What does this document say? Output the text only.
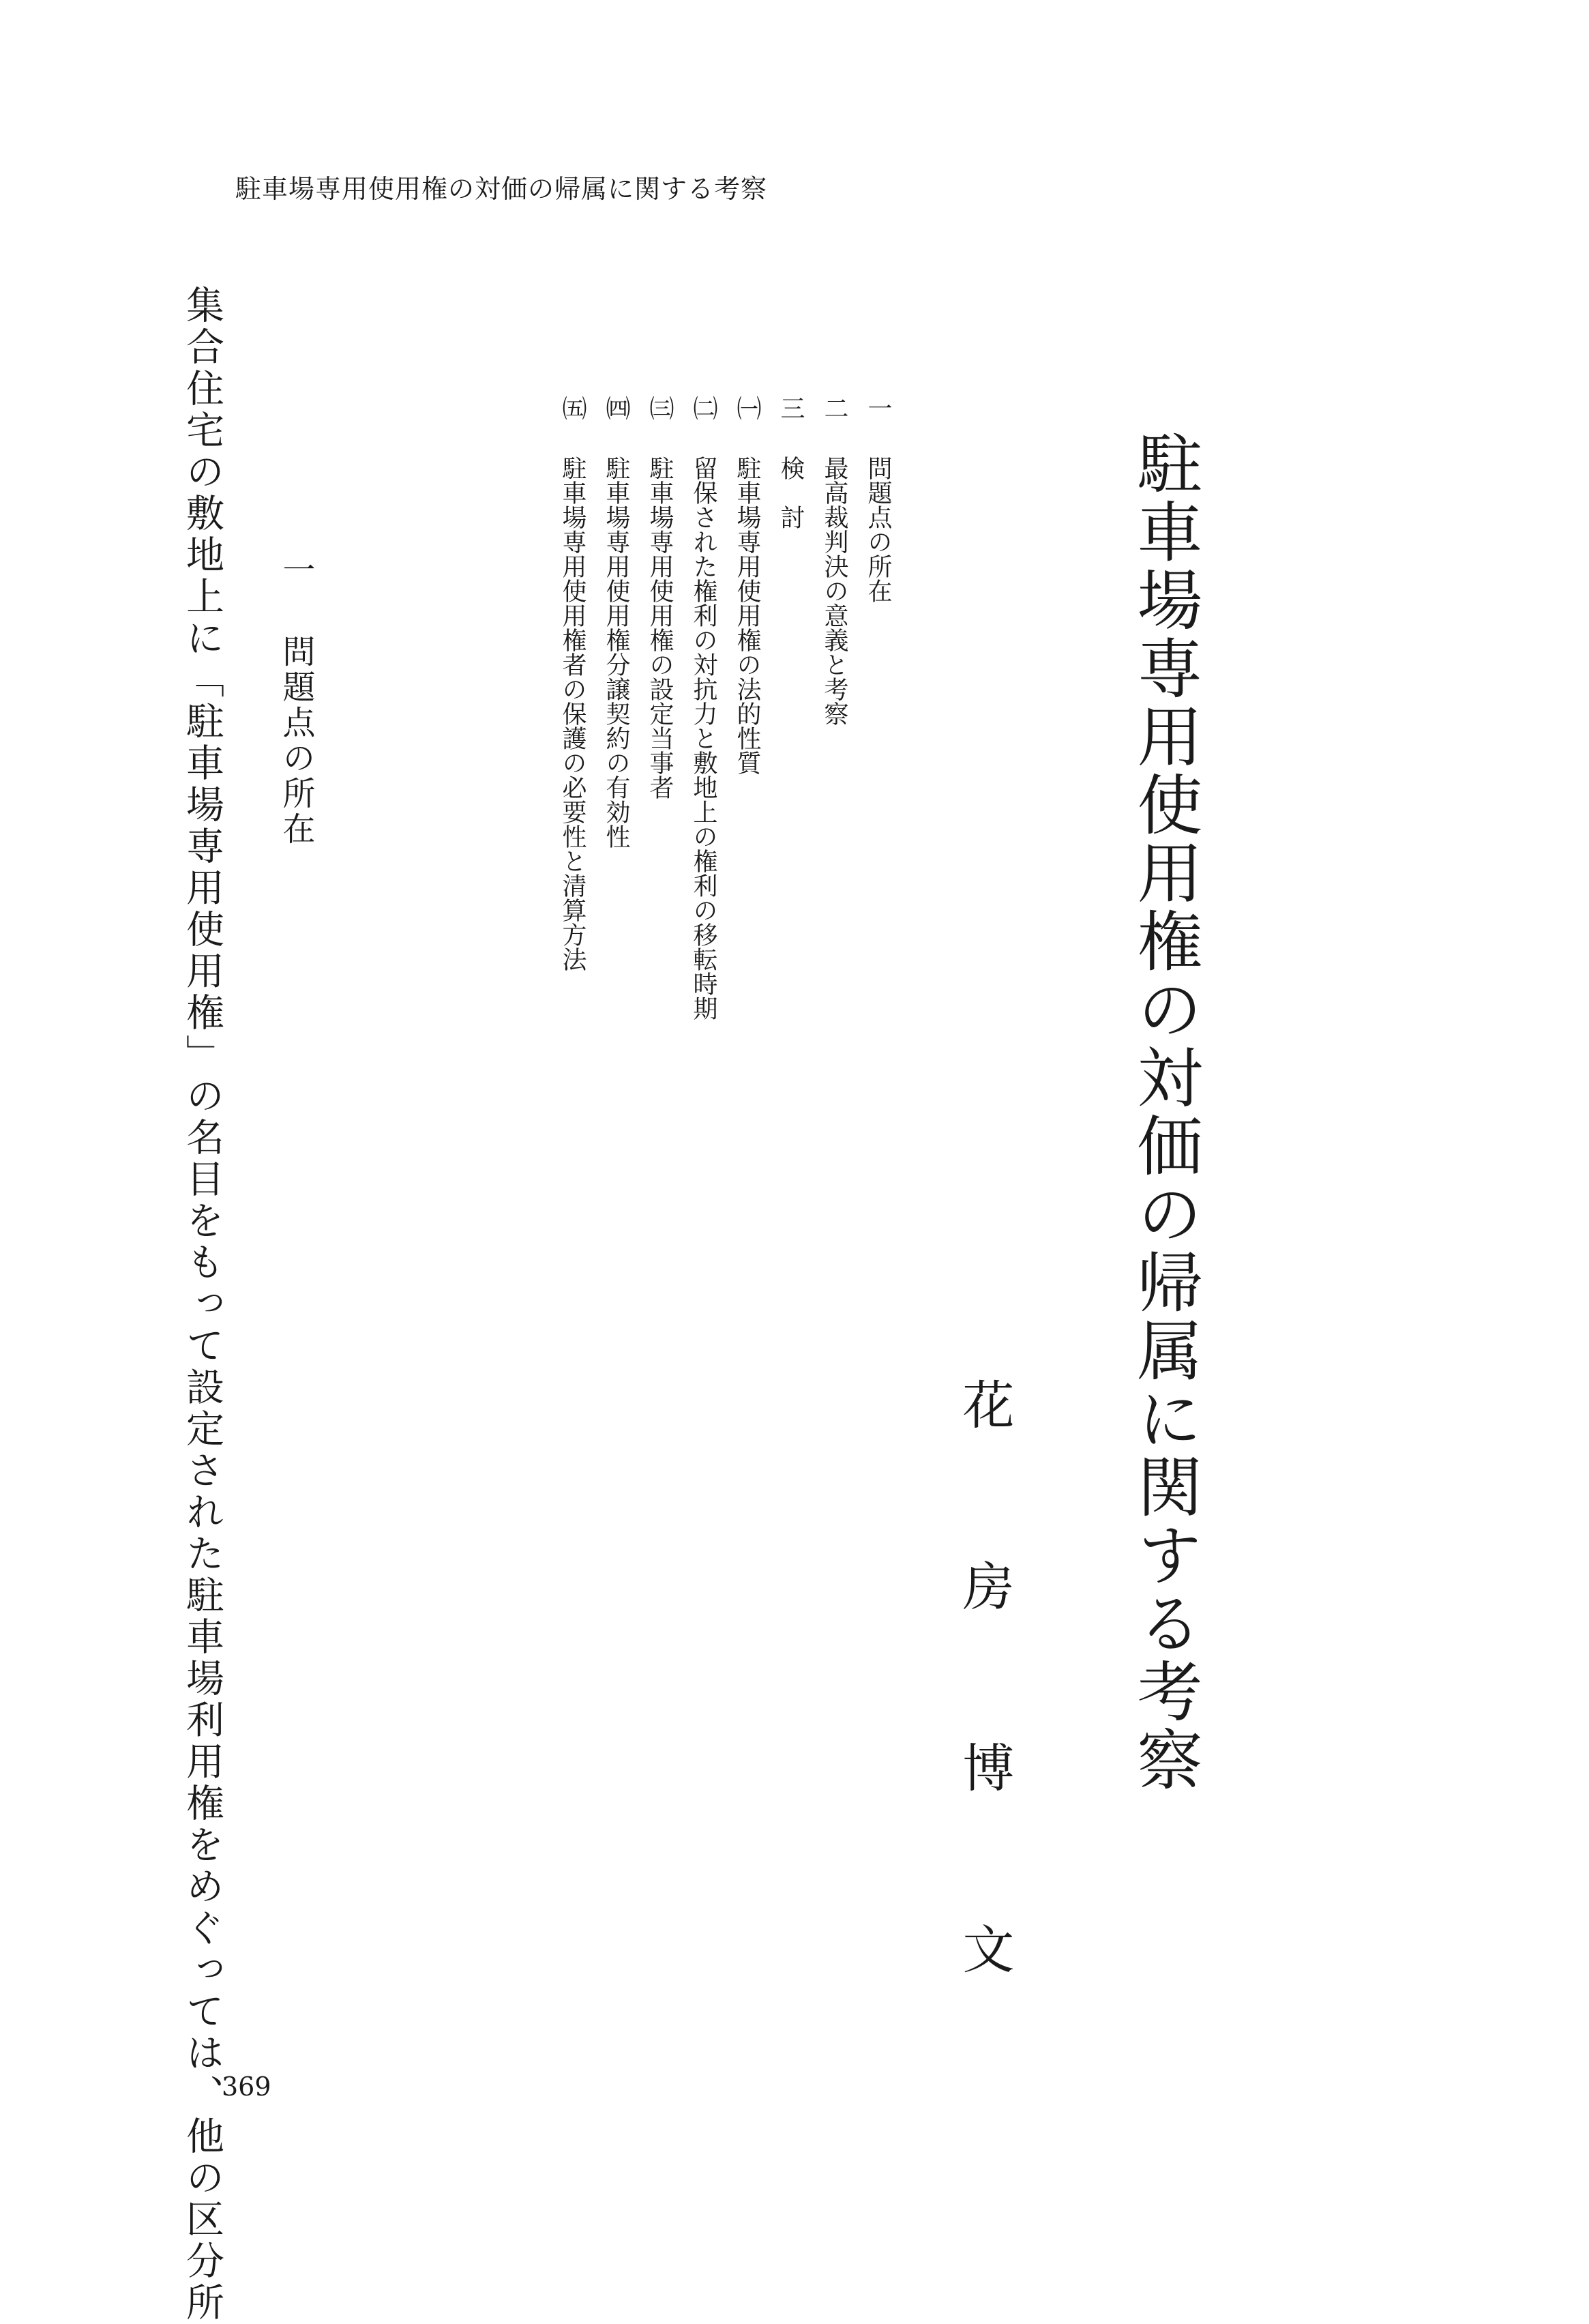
駐車場専用使用権の対価の帰属に関する考察
駐車場専用使用権の対価の帰属に関する考察
花房博文
一
問題点の所在
二
最高裁判決の意義と考察
三
検　討
㈠
駐車場専用使用権の法的性質
㈡
留保された権利の対抗力と敷地上の権利の移転時期
㈢
駐車場専用使用権の設定当事者
㈣
駐車場専用使用権分譲契約の有効性
㈤
駐車場専用使用権者の保護の必要性と清算方法
一問題点の所在
集合住宅の敷地上に「駐車場専用使用権」の名目をもって設定された駐車場利用権をめぐっては、他の区分所
369
